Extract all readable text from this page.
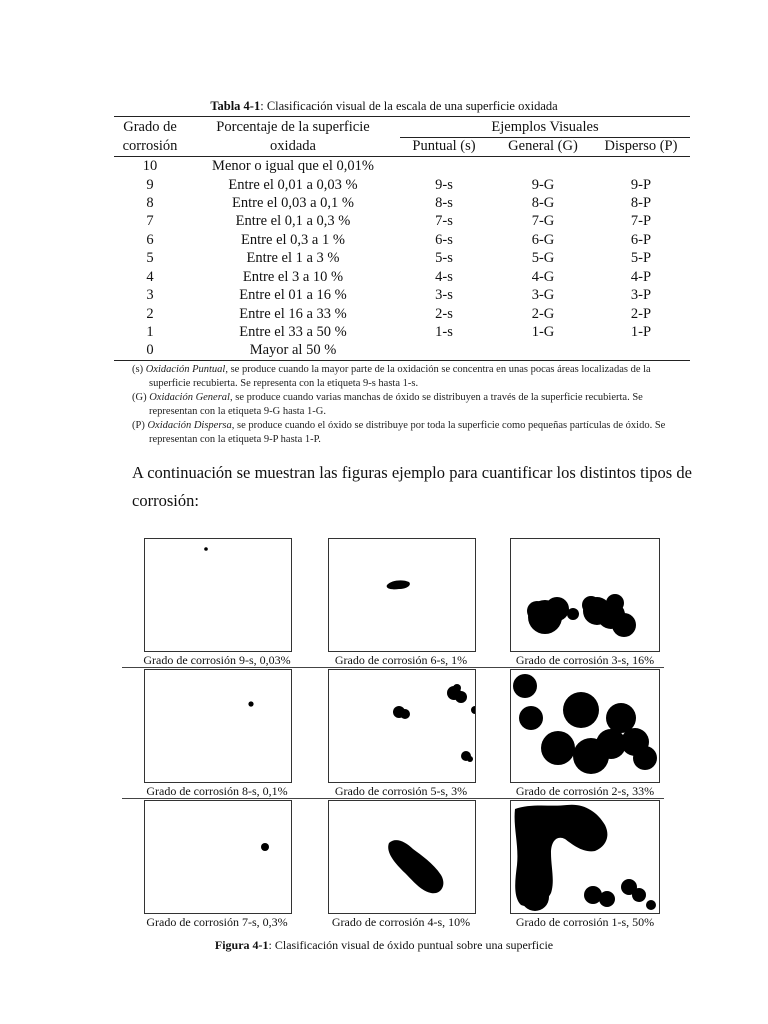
Tabla 4-1: Clasificación visual de la escala de una superficie oxidada
Grado de
corrosión
Porcentaje de la superficie
oxidada
Ejemplos Visuales
Puntual (s)	General (G)	Disperso (P)
10	Menor o igual que el 0,01%
9	Entre el 0,01 a 0,03 %	9-s	9-G	9-P
8	Entre el 0,03 a 0,1 %	8-s	8-G	8-P
7	Entre el 0,1 a 0,3 %	7-s	7-G	7-P
6	Entre el 0,3 a 1 %	6-s	6-G	6-P
5	Entre el 1 a 3 %	5-s	5-G	5-P
4	Entre el 3 a 10 %	4-s	4-G	4-P
3	Entre el 01 a 16 %	3-s	3-G	3-P
2	Entre el 16 a 33 %	2-s	2-G	2-P
1	Entre el 33 a 50 %	1-s	1-G	1-P
0	Mayor al 50 %

(s) Oxidación Puntual, se produce cuando la mayor parte de la oxidación se concentra en unas pocas áreas localizadas de la superficie recubierta. Se representa con la etiqueta 9-s hasta 1-s.

(G) Oxidación General, se produce cuando varias manchas de óxido se distribuyen a través de la superficie recubierta. Se representan con la etiqueta 9-G hasta 1-G.

(P) Oxidación Dispersa, se produce cuando el óxido se distribuye por toda la superficie como pequeñas partículas de óxido. Se representan con la etiqueta 9-P hasta 1-P.

A continuación se muestran las figuras ejemplo para cuantificar los distintos tipos de corrosión:
Grado de corrosión 9-s, 0,03%	Grado de corrosión 6-s, 1%	Grado de corrosión 3-s, 16%
Grado de corrosión 8-s, 0,1%	Grado de corrosión 5-s, 3%	Grado de corrosión 2-s, 33%
Grado de corrosión 7-s, 0,3%	Grado de corrosión 4-s, 10%	Grado de corrosión 1-s, 50%
Figura 4-1: Clasificación visual de óxido puntual sobre una superficie
